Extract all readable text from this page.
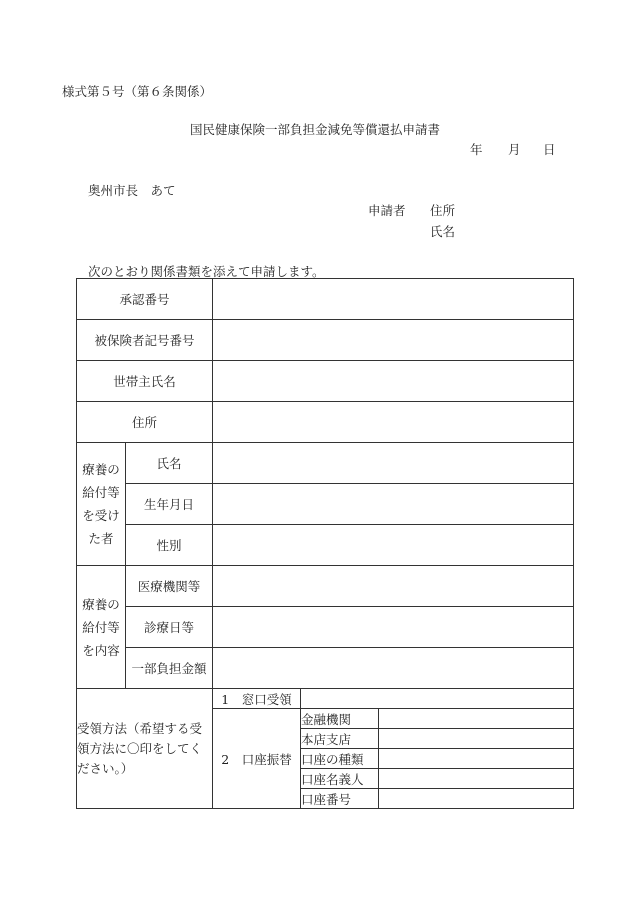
様式第５号（第６条関係）
国民健康保険一部負担金減免等償還払申請書
年 月 日
奥州市長　あて
申請者 住所
氏名
次のとおり関係書類を添えて申請します。
承認番号				
被保険者記号番号				
世帯主氏名				
住所				
療養の給付等を受けた者	氏名			
	生年月日			
	性別			
療養の給付等を内容	医療機関等			
	診療日等			
	一部負担金額			
受領方法（希望する受領方法に〇印をしてください。）		1　窓口受領		
		2　口座振替	金融機関	
			本店支店	
			口座の種類	
			口座名義人	
			口座番号	
